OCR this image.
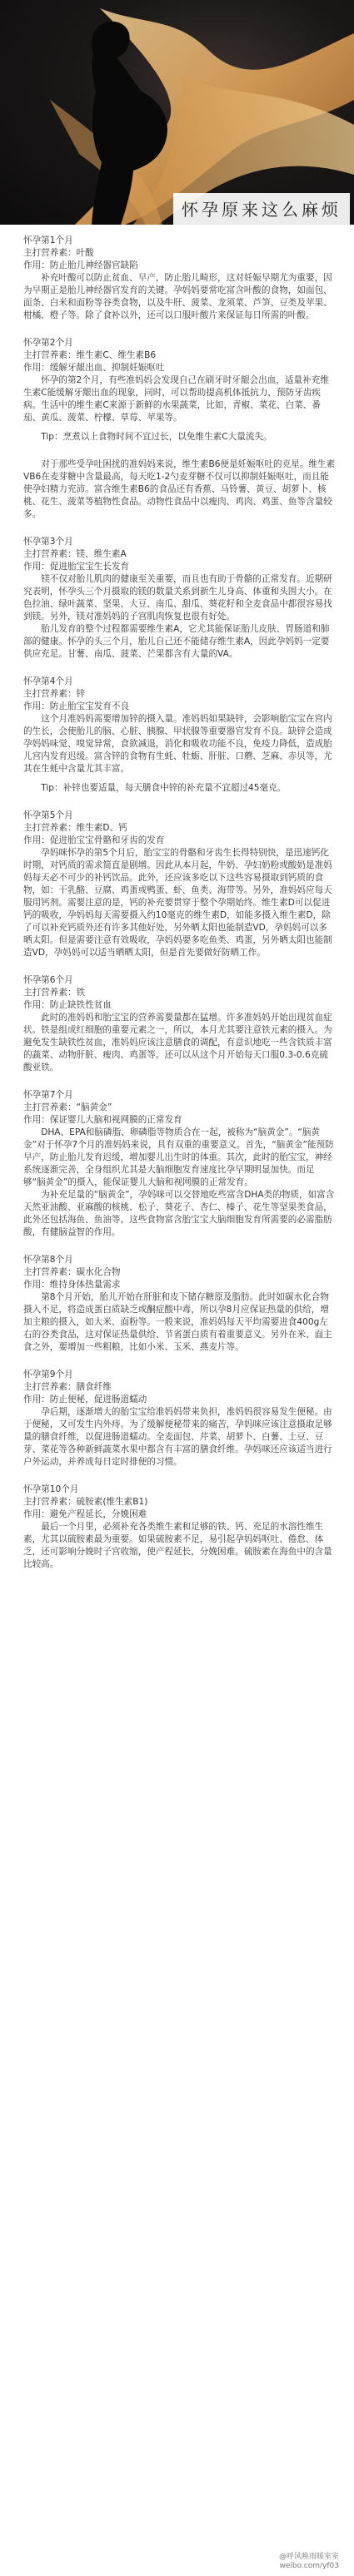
怀孕原来这么麻烦

怀孕第1个月

主打营养素：叶酸

作用：防止胎儿神经器官缺陷

补充叶酸可以防止贫血、早产，防止胎儿畸形，这对妊娠早期尤为重要，因为早期正是胎儿神经器官发育的关键。孕妈妈要常吃富含叶酸的食物，如面包、面条、白米和面粉等谷类食物，以及牛肝、菠菜、龙须菜、芦笋、豆类及苹果、柑橘、橙子等。除了食补以外，还可以口服叶酸片来保证每日所需的叶酸。

怀孕第2个月

主打营养素：维生素C、维生素B6

作用：缓解牙龈出血、抑制妊娠呕吐

怀孕的第2个月，有些准妈妈会发现自己在刷牙时牙龈会出血，适量补充维生素C能缓解牙龈出血的现象，同时，可以帮助提高机体抵抗力，预防牙齿疾病。生活中的维生素C来源于新鲜的水果蔬菜，比如，青椒、菜花、白菜、番茄、黄瓜、菠菜、柠檬、草莓、苹果等。

Tip：烹煮以上食物时间不宜过长，以免维生素C大量流失。

对于那些受孕吐困扰的准妈妈来说，维生素B6便是妊娠呕吐的克星。维生素VB6在麦芽糖中含量最高，每天吃1-2勺麦芽糖不仅可以抑制妊娠呕吐，而且能使孕妇精力充沛。富含维生素B6的食品还有香蕉、马铃薯、黄豆、胡萝卜、核桃、花生、菠菜等植物性食品。动物性食品中以瘦肉、鸡肉、鸡蛋、鱼等含量较多。

怀孕第3个月

主打营养素：镁、维生素A

作用：促进胎宝宝生长发育

镁不仅对胎儿肌肉的健康至关重要，而且也有助于骨骼的正常发育。近期研究表明，怀孕头三个月摄取的镁的数量关系到新生儿身高、体重和头围大小。在色拉油、绿叶蔬菜、坚果、大豆、南瓜、甜瓜、葵花籽和全麦食品中都很容易找到镁。另外，镁对准妈妈的子宫肌肉恢复也很有好处。

胎儿发育的整个过程都需要维生素A，它尤其能保证胎儿皮肤、胃肠道和肺部的健康。怀孕的头三个月，胎儿自己还不能储存维生素A，因此孕妈妈一定要供应充足。甘薯、南瓜、菠菜、芒果都含有大量的VA。

怀孕第4个月

主打营养素：锌

作用：防止胎宝宝发育不良

这个月准妈妈需要增加锌的摄入量。准妈妈如果缺锌，会影响胎宝宝在宫内的生长，会使胎儿的脑、心脏、胰腺、甲状腺等重要器官发育不良。缺锌会造成孕妈妈味觉、嗅觉异常，食欲减退，消化和吸收功能不良，免疫力降低，造成胎儿宫内发育迟缓。富含锌的食物有生蚝、牡蛎、肝脏、口蘑、芝麻、赤贝等，尤其在生蚝中含量尤其丰富。

Tip：补锌也要适量，每天膳食中锌的补充量不宜超过45毫克。

怀孕第5个月

主打营养素：维生素D、钙

作用：促进胎宝宝骨骼和牙齿的发育

孕妈咪怀孕的第5个月后，胎宝宝的骨骼和牙齿生长得特别快，是迅速钙化时期，对钙质的需求简直是剧增。因此从本月起，牛奶、孕妇奶粉或酸奶是准妈妈每天必不可少的补钙饮品。此外，还应该多吃以下这些容易摄取到钙质的食物，如：干乳酪、豆腐、鸡蛋或鸭蛋、虾、鱼类、海带等。另外，准妈妈应每天服用钙剂。需要注意的是，钙的补充要贯穿于整个孕期始终。维生素D可以促进钙的吸收，孕妈妈每天需要摄入约10毫克的维生素D，如能多摄入维生素D，除了可以补充钙质外还有许多其他好处，另外晒太阳也能制造VD，孕妈妈可以多晒太阳。但是需要注意有效吸收，孕妈妈要多吃鱼类、鸡蛋，另外晒太阳也能制造VD，孕妈妈可以适当晒晒太阳，但是首先要做好防晒工作。

怀孕第6个月

主打营养素：铁

作用：防止缺铁性贫血

此时的准妈妈和胎宝宝的营养需要量都在猛增。许多准妈妈开始出现贫血症状。铁是组成红细胞的重要元素之一，所以，本月尤其要注意铁元素的摄入。为避免发生缺铁性贫血，准妈妈应该注意膳食的调配，有意识地吃一些含铁质丰富的蔬菜、动物肝脏、瘦肉、鸡蛋等。还可以从这个月开始每天口服0.3-0.6克硫酸亚铁。

怀孕第7个月

主打营养素：“脑黄金”

作用：保证婴儿大脑和视网膜的正常发育

DHA、EPA和脑磷脂、卵磷脂等物质合在一起，被称为“脑黄金”。“脑黄金”对于怀孕7个月的准妈妈来说，具有双重的重要意义。首先，“脑黄金”能预防早产，防止胎儿发育迟缓，增加婴儿出生时的体重。其次，此时的胎宝宝，神经系统逐渐完善，全身组织尤其是大脑细胞发育速度比孕早期明显加快。而足够“脑黄金”的摄入，能保证婴儿大脑和视网膜的正常发育。

为补充足量的“脑黄金”，孕妈咪可以交替地吃些富含DHA类的物质，如富含天然亚油酸、亚麻酸的核桃、松子、葵花子、杏仁、榛子、花生等坚果类食品，此外还包括海鱼、鱼油等。这些食物富含胎宝宝大脑细胞发育所需要的必需脂肪酸，有健脑益智的作用。

怀孕第8个月

主打营养素：碳水化合物

作用：维持身体热量需求

第8个月开始，胎儿开始在肝脏和皮下储存糖原及脂肪。此时如碳水化合物摄入不足，将造成蛋白质缺乏或酮症酸中毒，所以孕8月应保证热量的供给，增加主粮的摄入，如大米、面粉等。一般来说，准妈妈每天平均需要进食400g左右的谷类食品，这对保证热量供给、节省蛋白质有着重要意义。另外在米、面主食之外，要增加一些粗粮，比如小米、玉米、燕麦片等。

怀孕第9个月

主打营养素：膳食纤维

作用：防止便秘，促进肠道蠕动

孕后期，逐渐增大的胎宝宝给准妈妈带来负担，准妈妈很容易发生便秘。由于便秘，又可发生内外痔。为了缓解便秘带来的痛苦，孕妈咪应该注意摄取足够量的膳食纤维，以促进肠道蠕动。全麦面包、芹菜、胡萝卜、白薯、土豆、豆芽、菜花等各种新鲜蔬菜水果中都含有丰富的膳食纤维。孕妈咪还应该适当进行户外运动，并养成每日定时排便的习惯。

怀孕第10个月

主打营养素：硫胺素(维生素B1)

作用：避免产程延长，分娩困难

最后一个月里，必须补充各类维生素和足够的铁、钙、充足的水溶性维生素，尤其以硫胺素最为重要。如果硫胺素不足，易引起孕妈妈呕吐、倦怠、体乏，还可影响分娩时子宫收缩，使产程延长，分娩困难。硫胺素在海鱼中的含量比较高。

@呼风唤雨暖室室
weibo.com/yf03
